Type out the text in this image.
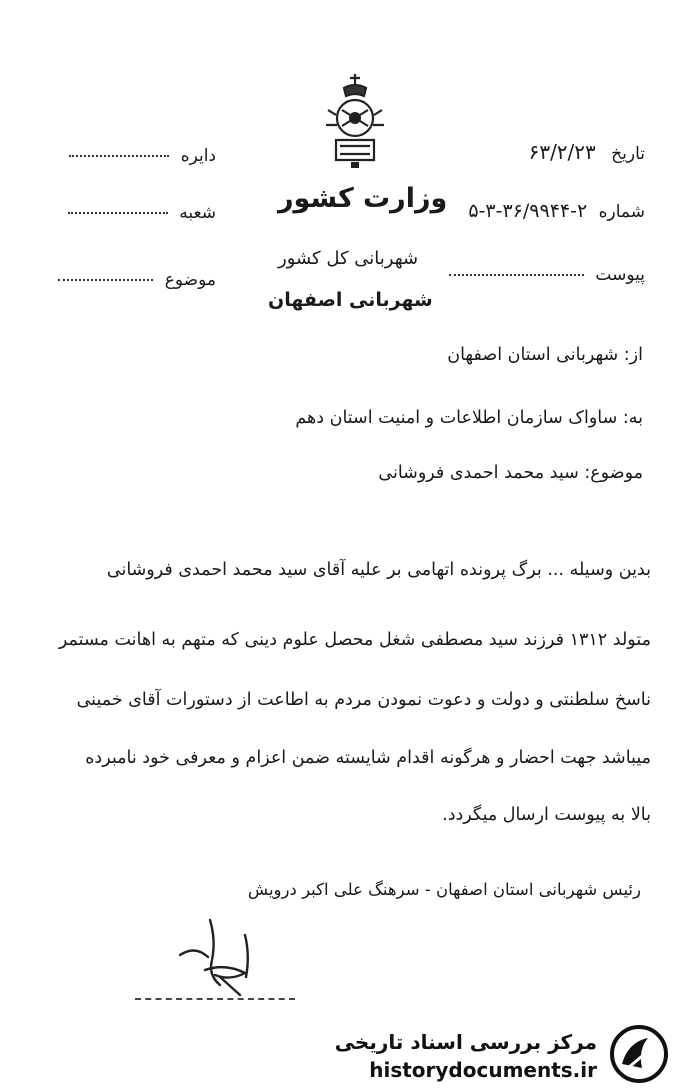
تاریخ ۶۳/۲/۲۳
شماره ۲-۳۶/۹۹۴۴-۳-۵
پیوست
دایره
شعبه
موضوع
وزارت کشور
شهربانی کل کشور
شهربانی اصفهان
از: شهربانی استان اصفهان
به: ساواک سازمان اطلاعات و امنیت استان دهم
موضوع: سید محمد احمدی فروشانی
بدین وسیله ... برگ پرونده اتهامی بر علیه آقای سید محمد احمدی فروشانی
متولد ۱۳۱۲ فرزند سید مصطفی شغل محصل علوم دینی که متهم به اهانت مستمر
ناسخ سلطنتی و دولت و دعوت نمودن مردم به اطاعت از دستورات آقای خمینی
میباشد جهت احضار و هرگونه اقدام شایسته ضمن اعزام و معرفی خود نامبرده
بالا به پیوست ارسال میگردد.
رئیس شهربانی استان اصفهان - سرهنگ علی اکبر درویش
مرکز بررسی اسناد تاریخی
historydocuments.ir
